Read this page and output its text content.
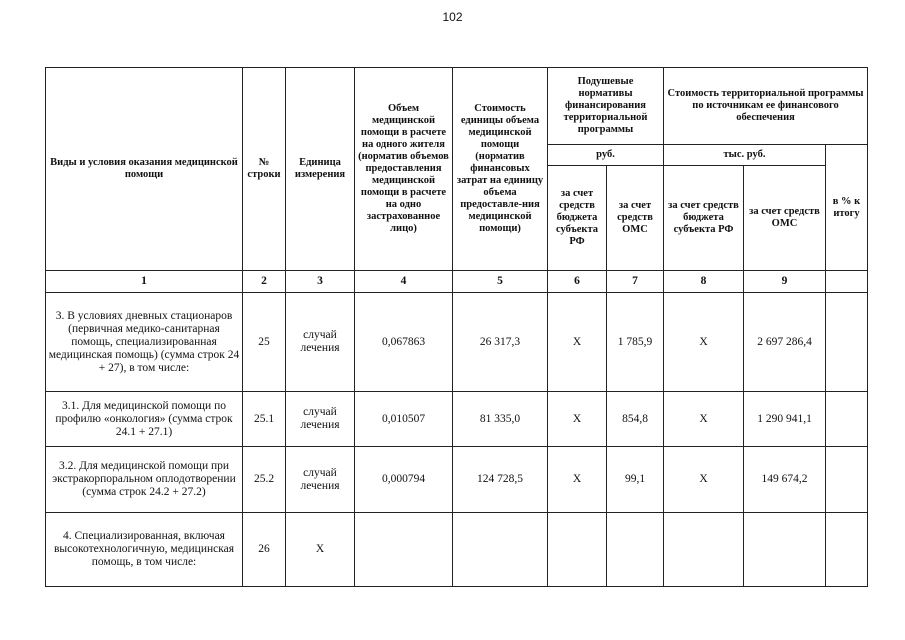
102
Виды и условия оказания медицинской помощи	№ строки	Единица измерения	Объем медицинской помощи в расчете на одного жителя (норматив объемов предоставления медицинской помощи в расчете на одно застрахованное лицо)	Стоимость единицы объема медицинской помощи (норматив финансовых затрат на единицу объема предоставле-ния медицинской помощи)	Подушевые нормативы финансирования территориальной программы		Стоимость территориальной программы по источникам ее финансового обеспечения		
					руб.		тыс. руб.		в % к итогу
					за счет средств бюджета субъекта РФ	за счет средств ОМС	за счет средств бюджета субъекта РФ	за счет средств ОМС	
1	2	3	4	5	6	7	8	9	
3. В условиях дневных стационаров (первичная медико-санитарная помощь, специализированная медицинская помощь) (сумма строк 24 + 27), в том числе:	25	случай лечения	0,067863	26 317,3	Х	1 785,9	Х	2 697 286,4	
3.1. Для медицинской помощи по профилю «онкология» (сумма строк 24.1 + 27.1)	25.1	случай лечения	0,010507	81 335,0	Х	854,8	Х	1 290 941,1	
3.2. Для медицинской помощи при экстракорпоральном оплодотворении (сумма строк 24.2 + 27.2)	25.2	случай лечения	0,000794	124 728,5	Х	99,1	Х	149 674,2	
4. Специализированная, включая высокотехнологичную, медицинская помощь, в том числе:	26	Х							
